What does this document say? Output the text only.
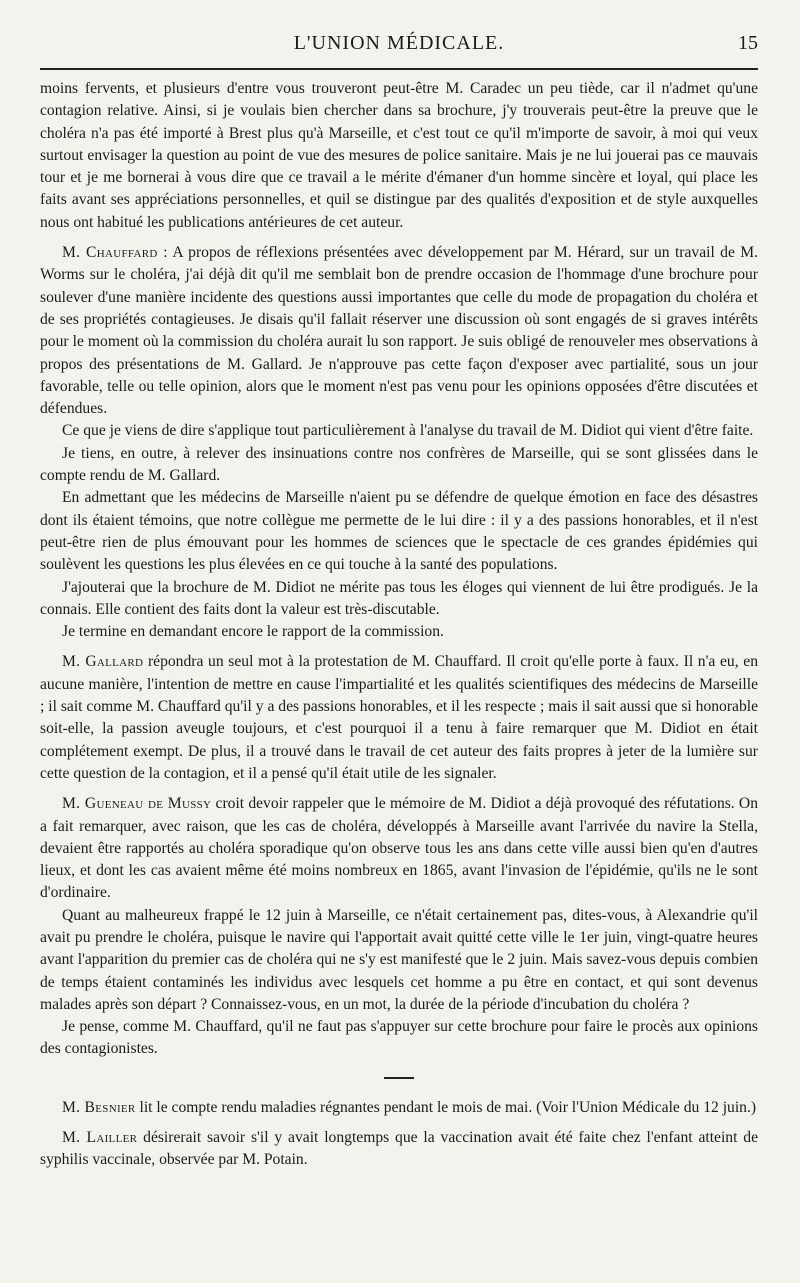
L'UNION MÉDICALE.	15

moins fervents, et plusieurs d'entre vous trouveront peut-être M. Caradec un peu tiède, car il n'admet qu'une contagion relative. Ainsi, si je voulais bien chercher dans sa brochure, j'y trouverais peut-être la preuve que le choléra n'a pas été importé à Brest plus qu'à Marseille, et c'est tout ce qu'il m'importe de savoir, à moi qui veux surtout envisager la question au point de vue des mesures de police sanitaire. Mais je ne lui jouerai pas ce mauvais tour et je me bornerai à vous dire que ce travail a le mérite d'émaner d'un homme sincère et loyal, qui place les faits avant ses appréciations personnelles, et quil se distingue par des qualités d'exposition et de style auxquelles nous ont habitué les publications antérieures de cet auteur.

M. Chauffard : A propos de réflexions présentées avec développement par M. Hérard, sur un travail de M. Worms sur le choléra, j'ai déjà dit qu'il me semblait bon de prendre occasion de l'hommage d'une brochure pour soulever d'une manière incidente des questions aussi importantes que celle du mode de propagation du choléra et de ses propriétés contagieuses. Je disais qu'il fallait réserver une discussion où sont engagés de si graves intérêts pour le moment où la commission du choléra aurait lu son rapport. Je suis obligé de renouveler mes observations à propos des présentations de M. Gallard. Je n'approuve pas cette façon d'exposer avec partialité, sous un jour favorable, telle ou telle opinion, alors que le moment n'est pas venu pour les opinions opposées d'être discutées et défendues.

Ce que je viens de dire s'applique tout particulièrement à l'analyse du travail de M. Didiot qui vient d'être faite.

Je tiens, en outre, à relever des insinuations contre nos confrères de Marseille, qui se sont glissées dans le compte rendu de M. Gallard.

En admettant que les médecins de Marseille n'aient pu se défendre de quelque émotion en face des désastres dont ils étaient témoins, que notre collègue me permette de le lui dire : il y a des passions honorables, et il n'est peut-être rien de plus émouvant pour les hommes de sciences que le spectacle de ces grandes épidémies qui soulèvent les questions les plus élevées en ce qui touche à la santé des populations.

J'ajouterai que la brochure de M. Didiot ne mérite pas tous les éloges qui viennent de lui être prodigués. Je la connais. Elle contient des faits dont la valeur est très-discutable.

Je termine en demandant encore le rapport de la commission.

M. Gallard répondra un seul mot à la protestation de M. Chauffard. Il croit qu'elle porte à faux. Il n'a eu, en aucune manière, l'intention de mettre en cause l'impartialité et les qualités scientifiques des médecins de Marseille ; il sait comme M. Chauffard qu'il y a des passions honorables, et il les respecte ; mais il sait aussi que si honorable soit-elle, la passion aveugle toujours, et c'est pourquoi il a tenu à faire remarquer que M. Didiot en était complétement exempt. De plus, il a trouvé dans le travail de cet auteur des faits propres à jeter de la lumière sur cette question de la contagion, et il a pensé qu'il était utile de les signaler.

M. Gueneau de Mussy croit devoir rappeler que le mémoire de M. Didiot a déjà provoqué des réfutations. On a fait remarquer, avec raison, que les cas de choléra, développés à Marseille avant l'arrivée du navire la Stella, devaient être rapportés au choléra sporadique qu'on observe tous les ans dans cette ville aussi bien qu'en d'autres lieux, et dont les cas avaient même été moins nombreux en 1865, avant l'invasion de l'épidémie, qu'ils ne le sont d'ordinaire.

Quant au malheureux frappé le 12 juin à Marseille, ce n'était certainement pas, dites-vous, à Alexandrie qu'il avait pu prendre le choléra, puisque le navire qui l'apportait avait quitté cette ville le 1er juin, vingt-quatre heures avant l'apparition du premier cas de choléra qui ne s'y est manifesté que le 2 juin. Mais savez-vous depuis combien de temps étaient contaminés les individus avec lesquels cet homme a pu être en contact, et qui sont devenus malades après son départ ? Connaissez-vous, en un mot, la durée de la période d'incubation du choléra ?

Je pense, comme M. Chauffard, qu'il ne faut pas s'appuyer sur cette brochure pour faire le procès aux opinions des contagionistes.

M. Besnier lit le compte rendu maladies régnantes pendant le mois de mai. (Voir l'Union Médicale du 12 juin.)

M. Lailler désirerait savoir s'il y avait longtemps que la vaccination avait été faite chez l'enfant atteint de syphilis vaccinale, observée par M. Potain.
